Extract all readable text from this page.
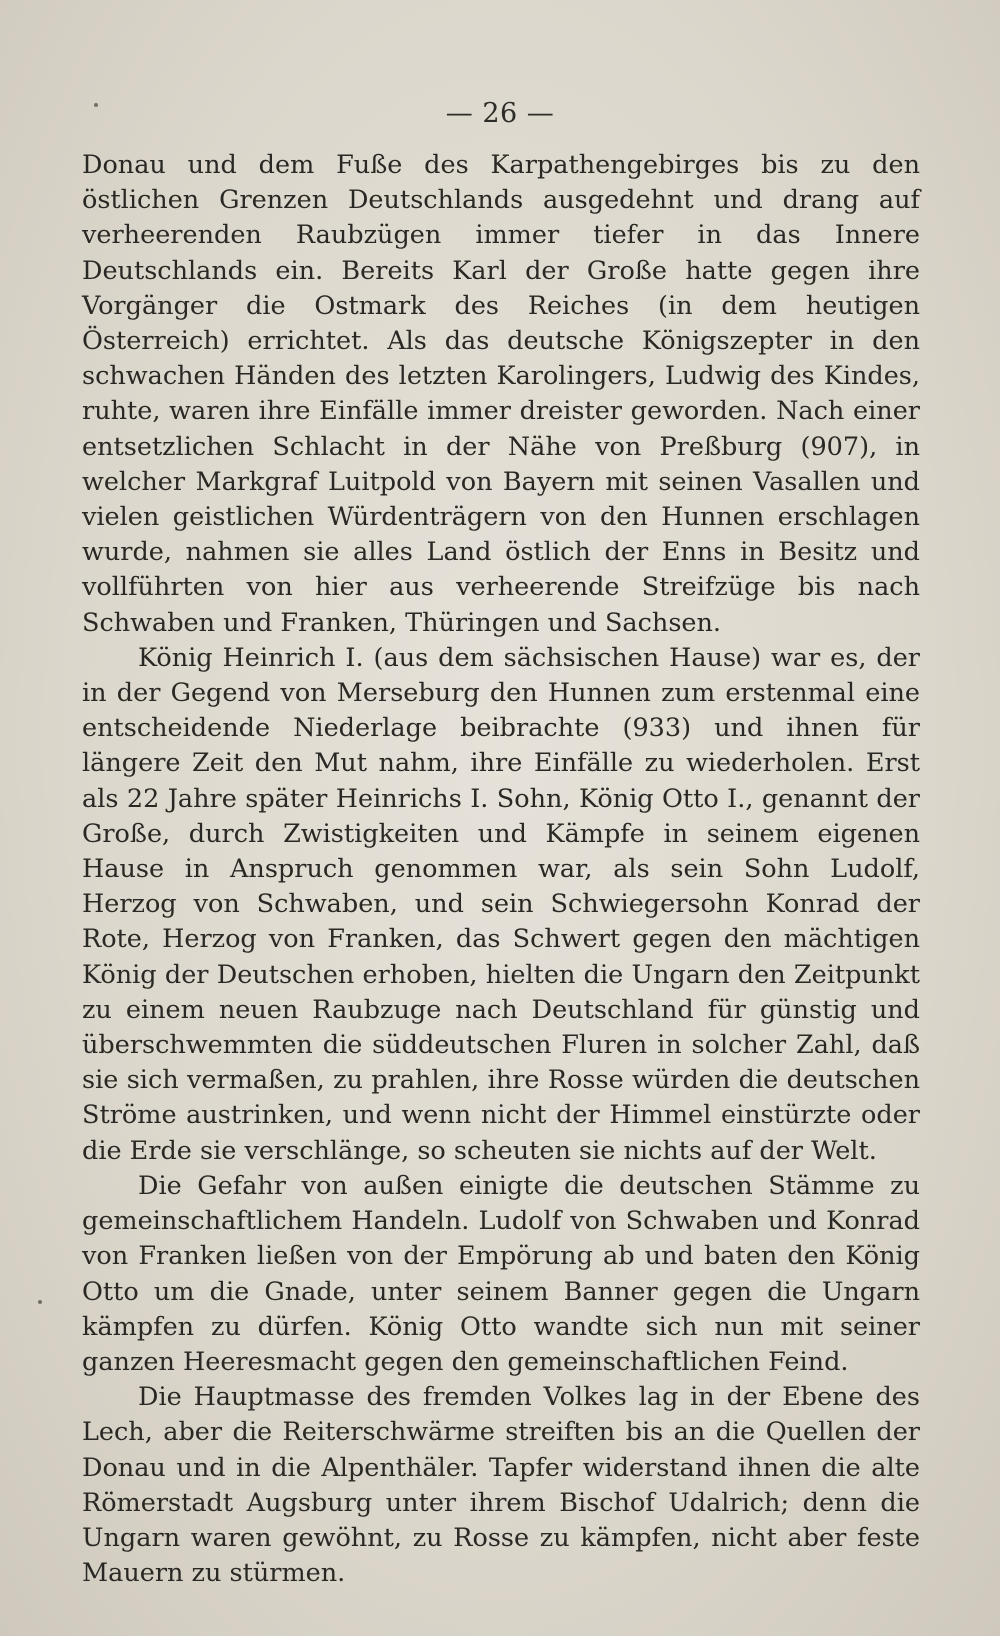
— 26 —

Donau und dem Fuße des Karpathengebirges bis zu den östlichen Grenzen Deutschlands ausgedehnt und drang auf verheerenden Raubzügen immer tiefer in das Innere Deutschlands ein. Bereits Karl der Große hatte gegen ihre Vorgänger die Ostmark des Reiches (in dem heutigen Österreich) errichtet. Als das deutsche Königszepter in den schwachen Händen des letzten Karolingers, Ludwig des Kindes, ruhte, waren ihre Einfälle immer dreister geworden. Nach einer entsetzlichen Schlacht in der Nähe von Preßburg (907), in welcher Markgraf Luitpold von Bayern mit seinen Vasallen und vielen geistlichen Würdenträgern von den Hunnen erschlagen wurde, nahmen sie alles Land östlich der Enns in Besitz und vollführten von hier aus verheerende Streifzüge bis nach Schwaben und Franken, Thüringen und Sachsen.

König Heinrich I. (aus dem sächsischen Hause) war es, der in der Gegend von Merseburg den Hunnen zum erstenmal eine entscheidende Niederlage beibrachte (933) und ihnen für längere Zeit den Mut nahm, ihre Einfälle zu wiederholen. Erst als 22 Jahre später Heinrichs I. Sohn, König Otto I., genannt der Große, durch Zwistigkeiten und Kämpfe in seinem eigenen Hause in Anspruch genommen war, als sein Sohn Ludolf, Herzog von Schwaben, und sein Schwiegersohn Konrad der Rote, Herzog von Franken, das Schwert gegen den mächtigen König der Deutschen erhoben, hielten die Ungarn den Zeitpunkt zu einem neuen Raubzuge nach Deutschland für günstig und überschwemmten die süddeutschen Fluren in solcher Zahl, daß sie sich vermaßen, zu prahlen, ihre Rosse würden die deutschen Ströme austrinken, und wenn nicht der Himmel einstürzte oder die Erde sie verschlänge, so scheuten sie nichts auf der Welt.

Die Gefahr von außen einigte die deutschen Stämme zu gemeinschaftlichem Handeln. Ludolf von Schwaben und Konrad von Franken ließen von der Empörung ab und baten den König Otto um die Gnade, unter seinem Banner gegen die Ungarn kämpfen zu dürfen. König Otto wandte sich nun mit seiner ganzen Heeresmacht gegen den gemeinschaftlichen Feind.

Die Hauptmasse des fremden Volkes lag in der Ebene des Lech, aber die Reiterschwärme streiften bis an die Quellen der Donau und in die Alpenthäler. Tapfer widerstand ihnen die alte Römerstadt Augsburg unter ihrem Bischof Udalrich; denn die Ungarn waren gewöhnt, zu Rosse zu kämpfen, nicht aber feste Mauern zu stürmen.
